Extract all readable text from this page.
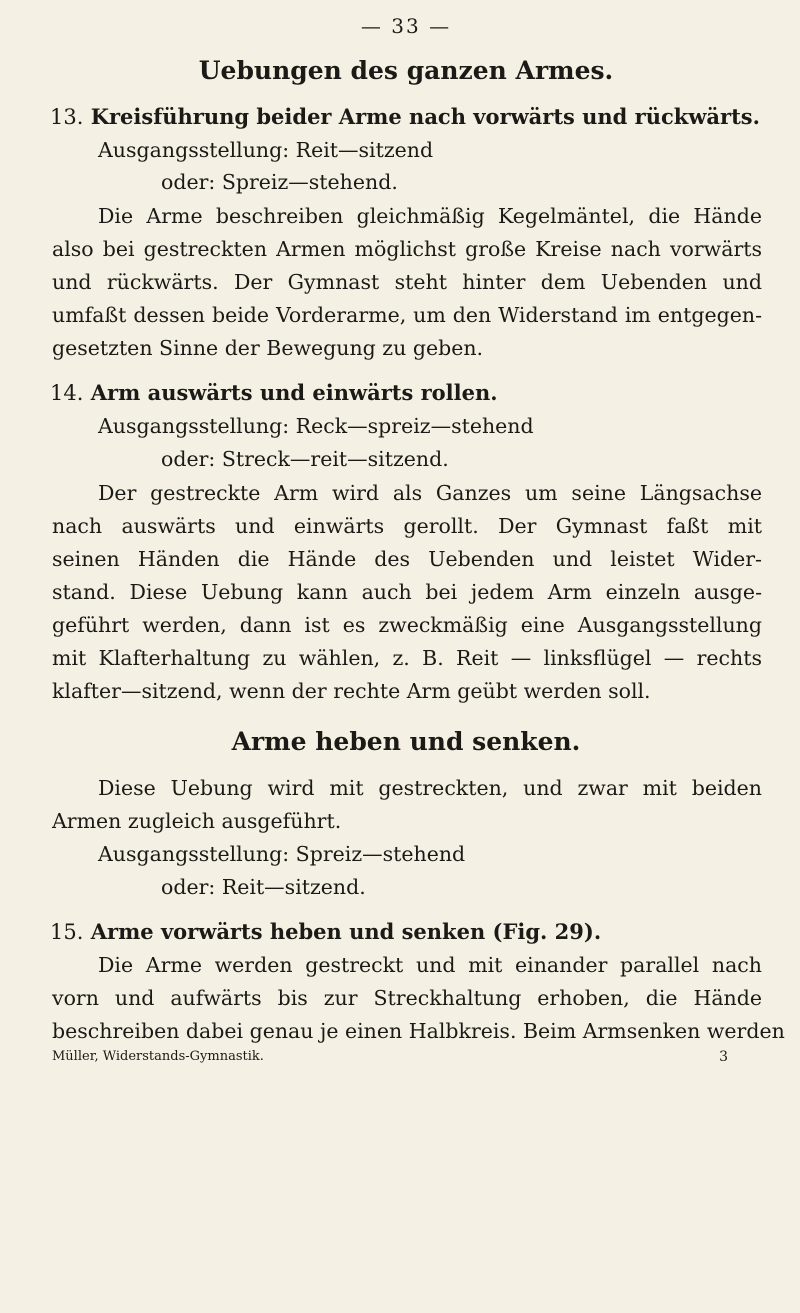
— 33 —
Uebungen des ganzen Armes.
13. Kreisführung beider Arme nach vorwärts und rückwärts.
Ausgangsstellung: Reit—sitzend
oder: Spreiz—stehend.
Die Arme beschreiben gleichmäßig Kegelmäntel, die Hände
also bei gestreckten Armen möglichst große Kreise nach vorwärts
und rückwärts. Der Gymnast steht hinter dem Uebenden und
umfaßt dessen beide Vorderarme, um den Widerstand im entgegen-
gesetzten Sinne der Bewegung zu geben.
14. Arm auswärts und einwärts rollen.
Ausgangsstellung: Reck—spreiz—stehend
oder: Streck—reit—sitzend.
Der gestreckte Arm wird als Ganzes um seine Längsachse
nach auswärts und einwärts gerollt. Der Gymnast faßt mit
seinen Händen die Hände des Uebenden und leistet Wider-
stand. Diese Uebung kann auch bei jedem Arm einzeln ausge-
geführt werden, dann ist es zweckmäßig eine Ausgangsstellung
mit Klafterhaltung zu wählen, z. B. Reit — linksflügel — rechts
klafter—sitzend, wenn der rechte Arm geübt werden soll.
Arme heben und senken.
Diese Uebung wird mit gestreckten, und zwar mit beiden
Armen zugleich ausgeführt.
Ausgangsstellung: Spreiz—stehend
oder: Reit—sitzend.
15. Arme vorwärts heben und senken (Fig. 29).
Die Arme werden gestreckt und mit einander parallel nach
vorn und aufwärts bis zur Streckhaltung erhoben, die Hände
beschreiben dabei genau je einen Halbkreis. Beim Armsenken werden
Müller, Widerstands-Gymnastik.	3
